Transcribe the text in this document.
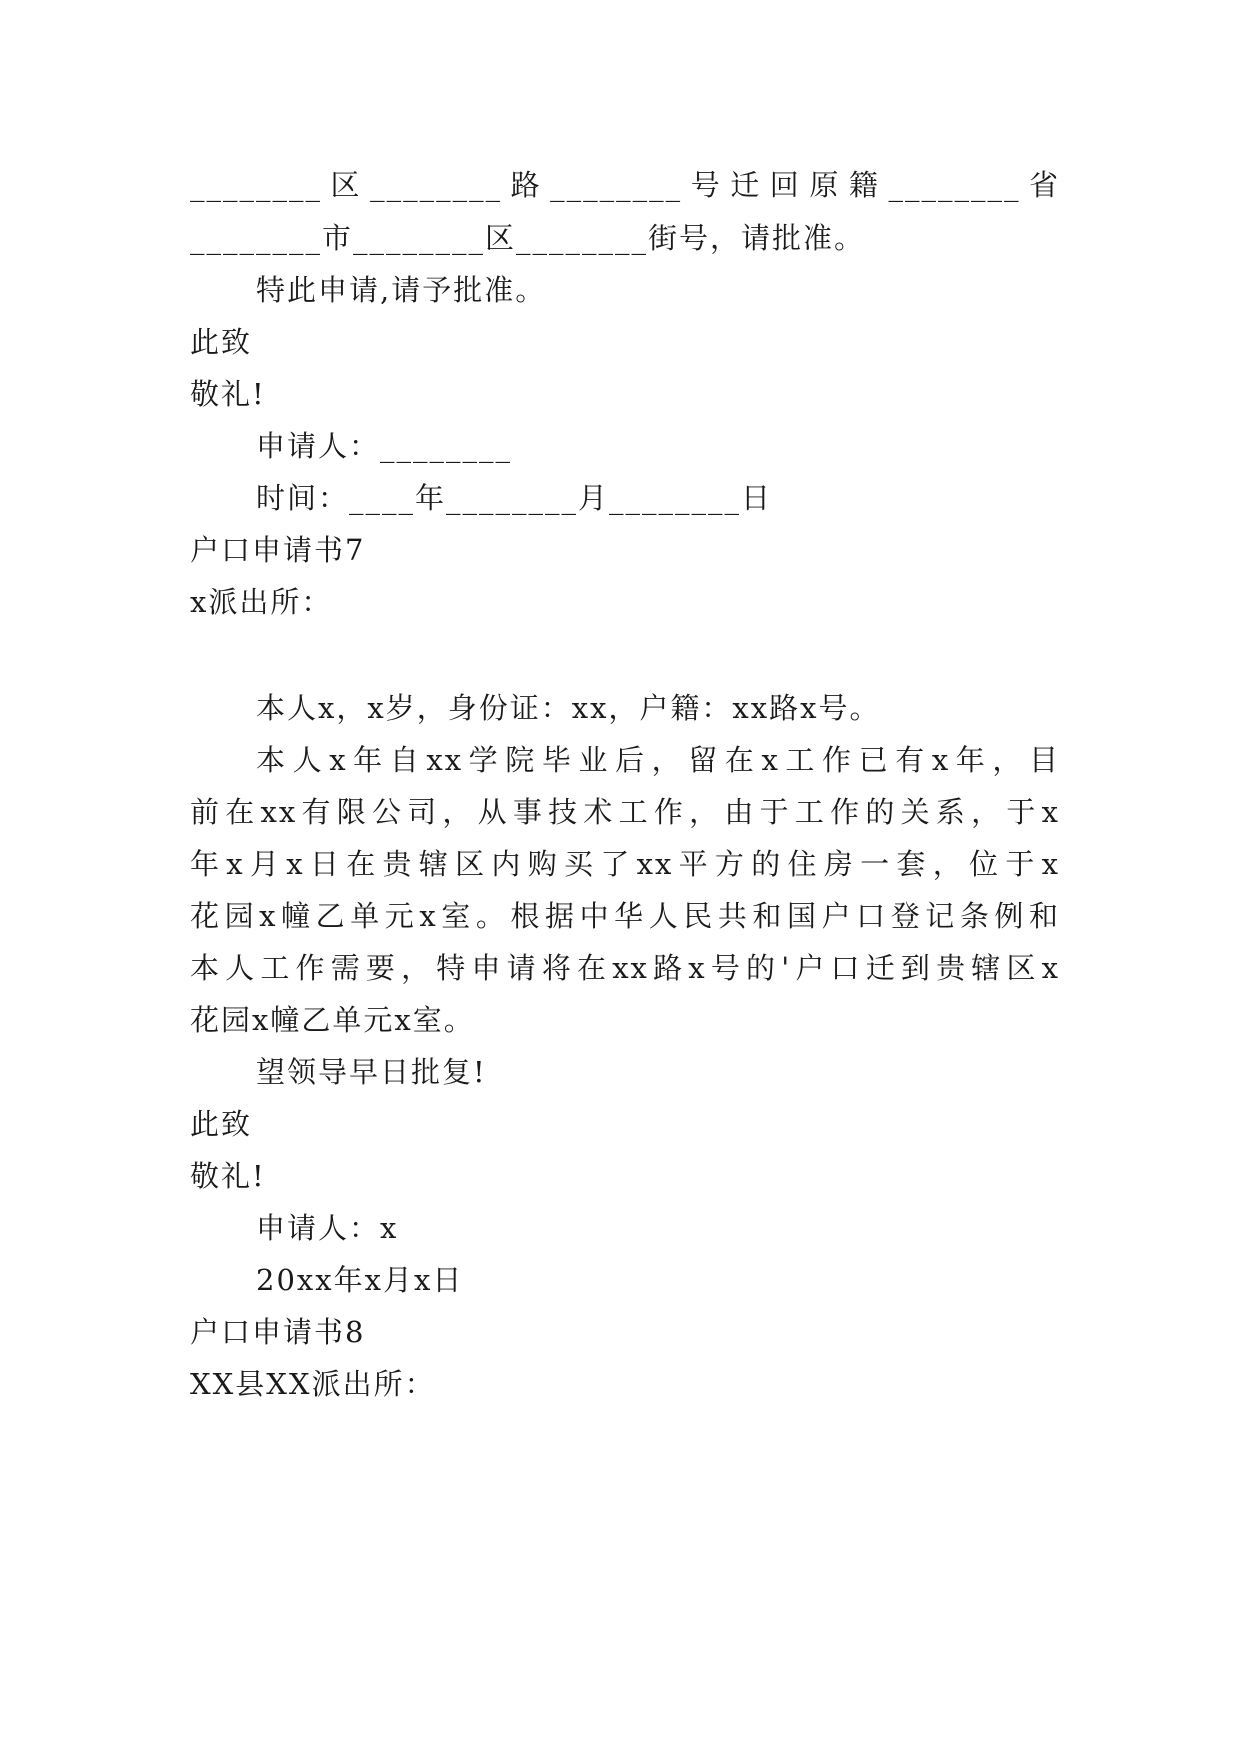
________区________路________号迁回原籍________省
________市________区________街号，请批准。
特此申请,请予批准。
此致
敬礼!
申请人：________
时间：____年________月________日
户口申请书7
x派出所：
本人x，x岁，身份证：xx，户籍：xx路x号。
本人x年自xx学院毕业后，留在x工作已有x年，目
前在xx有限公司，从事技术工作，由于工作的关系，于x
年x月x日在贵辖区内购买了xx平方的住房一套，位于x
花园x幢乙单元x室。根据中华人民共和国户口登记条例和
本人工作需要，特申请将在xx路x号的'户口迁到贵辖区x
花园x幢乙单元x室。
望领导早日批复!
此致
敬礼!
申请人：x
20xx年x月x日
户口申请书8
XX县XX派出所：
